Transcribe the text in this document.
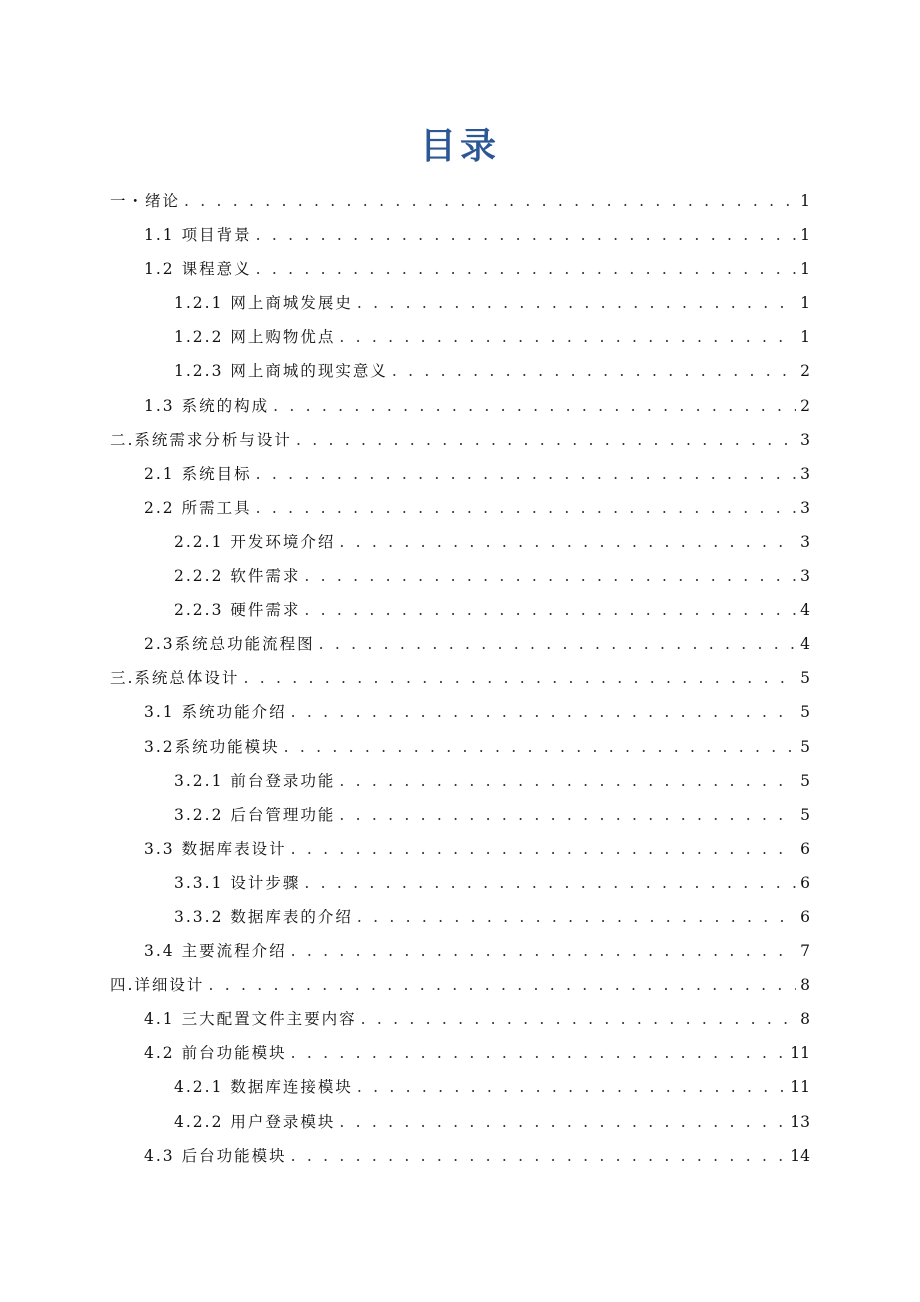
目录
一・绪论 . . .	1
1.1 项目背景 . . .	1
1.2 课程意义 . . .	1
1.2.1 网上商城发展史 . . .	1
1.2.2 网上购物优点 . . .	1
1.2.3 网上商城的现实意义 . . .	2
1.3 系统的构成 . . .	2
二.系统需求分析与设计 . . .	3
2.1 系统目标 . . .	3
2.2 所需工具 . . .	3
2.2.1 开发环境介绍 . . .	3
2.2.2 软件需求 . . .	3
2.2.3 硬件需求 . . .	4
2.3系统总功能流程图 . . .	4
三.系统总体设计 . . .	5
3.1 系统功能介绍 . . .	5
3.2系统功能模块 . . .	5
3.2.1 前台登录功能 . . .	5
3.2.2 后台管理功能 . . .	5
3.3 数据库表设计 . . .	6
3.3.1 设计步骤 . . .	6
3.3.2 数据库表的介绍 . . .	6
3.4 主要流程介绍 . . .	7
四.详细设计 . . .	8
4.1 三大配置文件主要内容 . . .	8
4.2 前台功能模块 . . .	11
4.2.1 数据库连接模块 . . .	11
4.2.2 用户登录模块 . . .	13
4.3 后台功能模块 . . .	14
